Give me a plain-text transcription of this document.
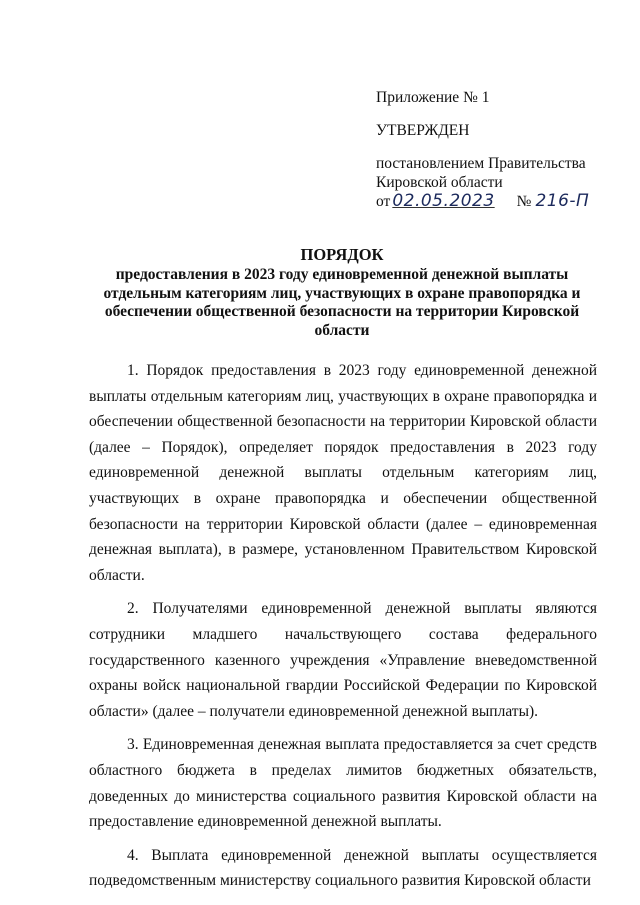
Приложение № 1
УТВЕРЖДЕН
постановлением Правительства
Кировской области
от 02.05.2023 № 216-П
ПОРЯДОК
предоставления в 2023 году единовременной денежной выплаты отдельным категориям лиц, участвующих в охране правопорядка и обеспечении общественной безопасности на территории Кировской области

1. Порядок предоставления в 2023 году единовременной денежной выплаты отдельным категориям лиц, участвующих в охране правопорядка и обеспечении общественной безопасности на территории Кировской области (далее – Порядок), определяет порядок предоставления в 2023 году единовременной денежной выплаты отдельным категориям лиц, участвующих в охране правопорядка и обеспечении общественной безопасности на территории Кировской области (далее – единовременная денежная выплата), в размере, установленном Правительством Кировской области.

2. Получателями единовременной денежной выплаты являются сотрудники младшего начальствующего состава федерального государственного казенного учреждения «Управление вневедомственной охраны войск национальной гвардии Российской Федерации по Кировской области» (далее – получатели единовременной денежной выплаты).

3. Единовременная денежная выплата предоставляется за счет средств областного бюджета в пределах лимитов бюджетных обязательств, доведенных до министерства социального развития Кировской области на предоставление единовременной денежной выплаты.

4. Выплата единовременной денежной выплаты осуществляется подведомственным министерству социального развития Кировской области
